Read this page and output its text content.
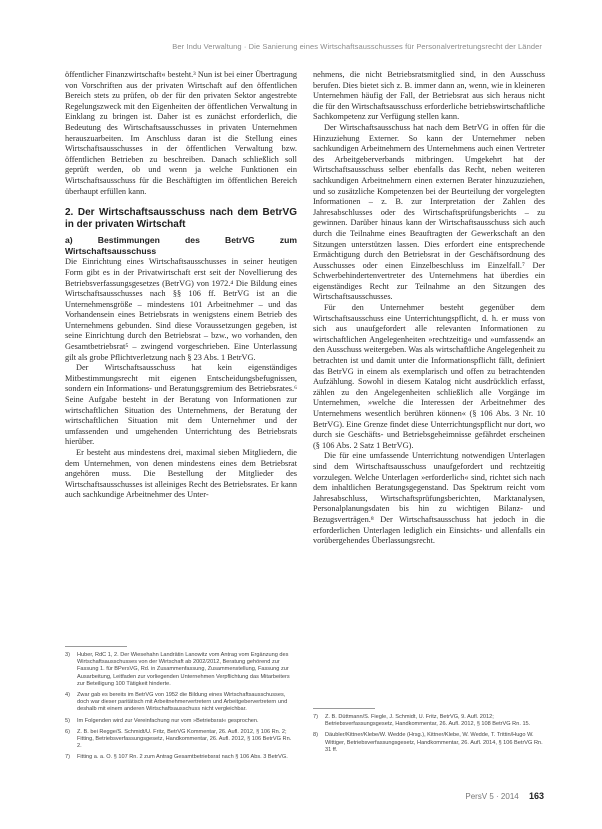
Ber Indu Verwaltung · Die Sanierung eines Wirtschaftsausschusses für Personalvertretungsrecht der Länder

öffentlicher Finanzwirtschaft« besteht.³ Nun ist bei einer Übertragung von Vorschriften aus der privaten Wirtschaft auf den öffentlichen Bereich stets zu prüfen, ob der für den privaten Sektor angestrebte Regelungszweck mit den Eigenheiten der öffentlichen Verwaltung in Einklang zu bringen ist. Daher ist es zunächst erforderlich, die Bedeutung des Wirtschaftsausschusses in privaten Unternehmen herauszuarbeiten. Im Anschluss daran ist die Stellung eines Wirtschaftsausschusses in der öffentlichen Verwaltung bzw. öffentlichen Betrieben zu beschreiben. Danach schließlich soll geprüft werden, ob und wenn ja welche Funktionen ein Wirtschaftsausschuss für die Beschäftigten im öffentlichen Bereich überhaupt erfüllen kann.

2. Der Wirtschaftsausschuss nach dem BetrVG in der privaten Wirtschaft
a) Bestimmungen des BetrVG zum Wirtschaftsausschuss

Die Einrichtung eines Wirtschaftsausschusses in seiner heutigen Form gibt es in der Privatwirtschaft erst seit der Novellierung des Betriebsverfassungsgesetzes (BetrVG) von 1972.⁴ Die Bildung eines Wirtschaftsausschusses nach §§ 106 ff. BetrVG ist an die Unternehmensgröße – mindestens 101 Arbeitnehmer – und das Vorhandensein eines Betriebsrats in wenigstens einem Betrieb des Unternehmens gebunden. Sind diese Voraussetzungen gegeben, ist seine Einrichtung durch den Betriebsrat – bzw., wo vorhanden, den Gesamtbetriebsrat⁵ – zwingend vorgeschrieben. Eine Unterlassung gilt als grobe Pflichtverletzung nach § 23 Abs. 1 BetrVG.

Der Wirtschaftsausschuss hat kein eigenständiges Mitbestimmungsrecht mit eigenen Entscheidungsbefugnissen, sondern ein Informations- und Beratungsgremium des Betriebsrates.⁶ Seine Aufgabe besteht in der Beratung von Informationen zur wirtschaftlichen Situation des Unternehmens, der Beratung der wirtschaftlichen Situation mit dem Unternehmer und der umfassenden und umgehenden Unterrichtung des Betriebsrats hierüber.

Er besteht aus mindestens drei, maximal sieben Mitgliedern, die dem Unternehmen, von denen mindestens eines dem Betriebsrat angehören muss. Die Bestellung der Mitglieder des Wirtschaftsausschusses ist alleiniges Recht des Betriebsrates. Er kann auch sachkundige Arbeitnehmer des Unter-

3) Huber, RdC 1, 2. Der Wiesehahn Landrätin Lanowitz vom Antrag vom Ergänzung des Wirtschaftsausschusses von der Wirtschaft ab 2002/2012, Beratung gehörend zur Fassung 1. für BPersVG, Rd. in Zusammenfassung, Zusammenstellung, Fassung zur Ausarbeitung, Leitfaden zur vorliegenden Unternehmen Verpflichtung das Mitarbeiters zur Beteiligung 100 Tätigkeit hinderte.
4) Zwar gab es bereits im BetrVG von 1952 die Bildung eines Wirtschaftsausschusses, doch war dieser paritätisch mit Arbeitnehmervertretern und Arbeitgebervertretern und deshalb mit einem anderen Wirtschaftsausschuss nicht vergleichbar.
5) Im Folgenden wird zur Vereinfachung nur vom »Betriebsrat« gesprochen.
6) Z. B. bei Regge/S. Schmidt/U. Fritz, BetrVG Kommentar, 26. Aufl. 2012, § 106 Rn. 2; Fitting, Betriebsverfassungsgesetz, Handkommentar, 26. Aufl. 2012, § 106 BetrVG Rn. 2.
7) Fitting a. a. O. § 107 Rn. 2 zum Antrag Gesamtbetriebsrat nach § 106 Abs. 3 BetrVG.

nehmens, die nicht Betriebsratsmitglied sind, in den Ausschuss berufen. Dies bietet sich z. B. immer dann an, wenn, wie in kleineren Unternehmen häufig der Fall, der Betriebsrat aus sich heraus nicht die für den Wirtschaftsausschuss erforderliche betriebswirtschaftliche Sachkompetenz zur Verfügung stellen kann.

Der Wirtschaftsausschuss hat nach dem BetrVG in offen für die Hinzuziehung Externer. So kann der Unternehmer neben sachkundigen Arbeitnehmern des Unternehmens auch einen Vertreter des Arbeitgeberverbands mitbringen. Umgekehrt hat der Wirtschaftsausschuss selber ebenfalls das Recht, neben weiteren sachkundigen Arbeitnehmern einen externen Berater hinzuzuziehen, und so zusätzliche Kompetenzen bei der Beurteilung der vorgelegten Informationen – z. B. zur Interpretation der Zahlen des Jahresabschlusses oder des Wirtschaftsprüfungsberichts – zu gewinnen. Darüber hinaus kann der Wirtschaftsausschuss sich auch durch die Teilnahme eines Beauftragten der Gewerkschaft an den Sitzungen unterstützen lassen. Dies erfordert eine entsprechende Ermächtigung durch den Betriebsrat in der Geschäftsordnung des Ausschusses oder einen Einzelbeschluss im Einzelfall.⁷ Der Schwerbehindertenvertreter des Unternehmens hat überdies ein eigenständiges Recht zur Teilnahme an den Sitzungen des Wirtschaftsausschusses.

Für den Unternehmer besteht gegenüber dem Wirtschaftsausschuss eine Unterrichtungspflicht, d. h. er muss von sich aus unaufgefordert alle relevanten Informationen zu wirtschaftlichen Angelegenheiten »rechtzeitig« und »umfassend« an den Ausschuss weitergeben. Was als wirtschaftliche Angelegenheit zu betrachten ist und damit unter die Informationspflicht fällt, definiert das BetrVG in einem als exemplarisch und offen zu betrachtenden Aufzählung. Sowohl in diesem Katalog nicht ausdrücklich erfasst, zählen zu den Angelegenheiten schließlich alle Vorgänge im Unternehmen, »welche die Interessen der Arbeitnehmer des Unternehmens wesentlich berühren können« (§ 106 Abs. 3 Nr. 10 BetrVG). Eine Grenze findet diese Unterrichtungspflicht nur dort, wo durch sie Geschäfts- und Betriebsgeheimnisse gefährdet erscheinen (§ 106 Abs. 2 Satz 1 BetrVG).

Die für eine umfassende Unterrichtung notwendigen Unterlagen sind dem Wirtschaftsausschuss unaufgefordert und rechtzeitig vorzulegen. Welche Unterlagen »erforderlich« sind, richtet sich nach dem inhaltlichen Beratungsgegenstand. Das Spektrum reicht vom Jahresabschluss, Wirtschaftsprüfungsberichten, Marktanalysen, Personalplanungsdaten bis hin zu wichtigen Bilanz- und Bezugsverträgen.⁸ Der Wirtschaftsausschuss hat jedoch in die erforderlichen Unterlagen lediglich ein Einsichts- und allenfalls ein vorübergehendes Überlassungsrecht.

7) Z. B. Düttmann/S. Fiegle, J. Schmidt, U. Fritz, BetrVG, 9. Aufl. 2012; Betriebsverfassungsgesetz, Handkommentar, 26. Aufl. 2012, § 108 BetrVG Rn. 15.
8) Däubler/Kittner/Klebe/W. Wedde (Hrsg.), Kittner/Klebe, W. Wedde, T. Trittin/Hugo W. Wittiger, Betriebsverfassungsgesetz, Handkommentar, 26. Aufl. 2014, § 106 BetrVG Rn. 31 ff.
PersV 5 · 2014 163
